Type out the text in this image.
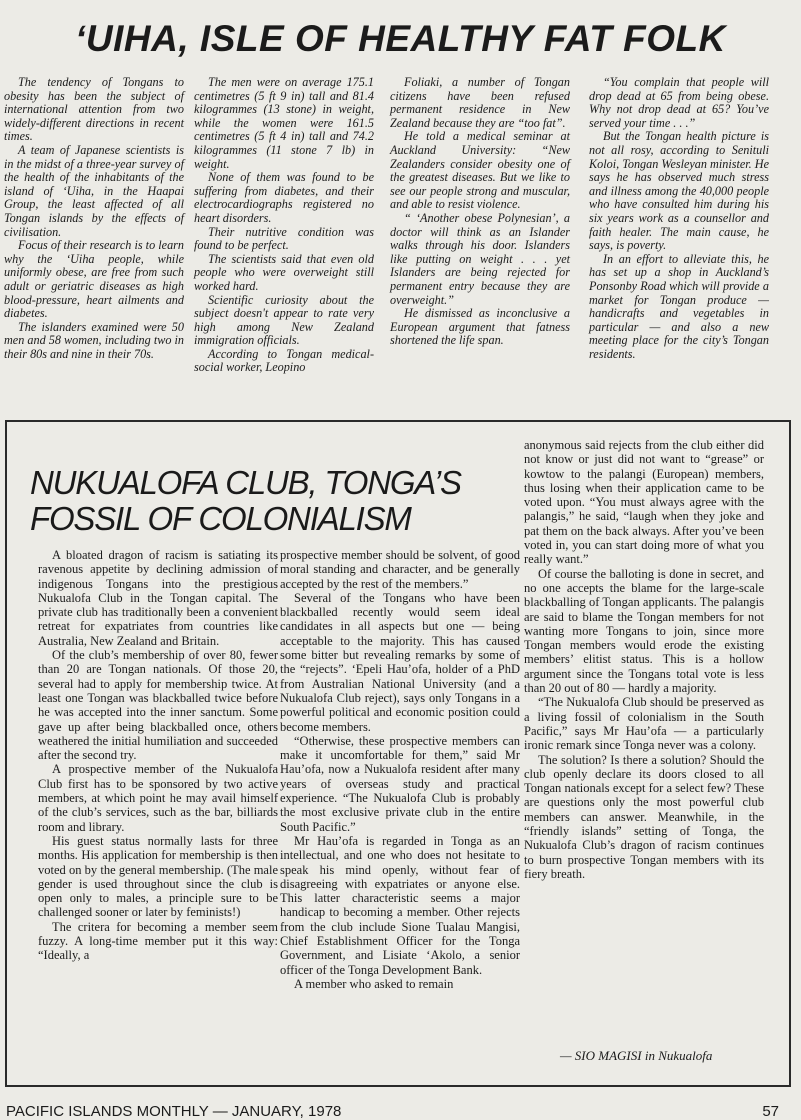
‘UIHA, ISLE OF HEALTHY FAT FOLK

The tendency of Tongans to obesity has been the subject of international attention from two widely-different directions in recent times.

A team of Japanese scientists is in the midst of a three-year survey of the health of the inhabitants of the island of ‘Uiha, in the Haapai Group, the least affected of all Tongan islands by the effects of civilisation.

Focus of their research is to learn why the ‘Uiha people, while uniformly obese, are free from such adult or geriatric diseases as high blood-pressure, heart ailments and diabetes.

The islanders examined were 50 men and 58 women, including two in their 80s and nine in their 70s.

The men were on average 175.1 centimetres (5 ft 9 in) tall and 81.4 kilogrammes (13 stone) in weight, while the women were 161.5 centimetres (5 ft 4 in) tall and 74.2 kilogrammes (11 stone 7 lb) in weight.

None of them was found to be suffering from diabetes, and their electrocardiographs registered no heart disorders.

Their nutritive condition was found to be perfect.

The scientists said that even old people who were overweight still worked hard.

Scientific curiosity about the subject doesn't appear to rate very high among New Zealand immigration officials.

According to Tongan medical-social worker, Leopino

Foliaki, a number of Tongan citizens have been refused permanent residence in New Zealand because they are “too fat”.

He told a medical seminar at Auckland University: “New Zealanders consider obesity one of the greatest diseases. But we like to see our people strong and muscular, and able to resist violence.

“ ‘Another obese Polynesian’, a doctor will think as an Islander walks through his door. Islanders like putting on weight . . . yet Islanders are being rejected for permanent entry because they are overweight.”

He dismissed as inconclusive a European argument that fatness shortened the life span.

“You complain that people will drop dead at 65 from being obese. Why not drop dead at 65? You’ve served your time . . .”

But the Tongan health picture is not all rosy, according to Senituli Koloi, Tongan Wesleyan minister. He says he has observed much stress and illness among the 40,000 people who have consulted him during his six years work as a counsellor and faith healer. The main cause, he says, is poverty.

In an effort to alleviate this, he has set up a shop in Auckland’s Ponsonby Road which will provide a market for Tongan produce — handicrafts and vegetables in particular — and also a new meeting place for the city’s Tongan residents.

NUKUALOFA CLUB, TONGA’S
FOSSIL OF COLONIALISM

A bloated dragon of racism is satiating its ravenous appetite by declining admission of indigenous Tongans into the prestigious Nukualofa Club in the Tongan capital. The private club has traditionally been a convenient retreat for expatriates from countries like Australia, New Zealand and Britain.

Of the club’s membership of over 80, fewer than 20 are Tongan nationals. Of those 20, several had to apply for membership twice. At least one Tongan was blackballed twice before he was accepted into the inner sanctum. Some gave up after being blackballed once, others weathered the initial humiliation and succeeded after the second try.

A prospective member of the Nukualofa Club first has to be sponsored by two active members, at which point he may avail himself of the club’s services, such as the bar, billiards room and library.

His guest status normally lasts for three months. His application for membership is then voted on by the general membership. (The male gender is used throughout since the club is open only to males, a principle sure to be challenged sooner or later by feminists!)

The critera for becoming a member seem fuzzy. A long-time member put it this way: “Ideally, a

prospective member should be solvent, of good moral standing and character, and be generally accepted by the rest of the members.”

Several of the Tongans who have been blackballed recently would seem ideal candidates in all aspects but one — being acceptable to the majority. This has caused some bitter but revealing remarks by some of the “rejects”. ‘Epeli Hau’ofa, holder of a PhD from Australian National University (and a Nukualofa Club reject), says only Tongans in a powerful political and economic position could become members.

“Otherwise, these prospective members can make it uncomfortable for them,” said Mr Hau’ofa, now a Nukualofa resident after many years of overseas study and practical experience. “The Nukualofa Club is probably the most exclusive private club in the entire South Pacific.”

Mr Hau’ofa is regarded in Tonga as an intellectual, and one who does not hesitate to speak his mind openly, without fear of disagreeing with expatriates or anyone else. This latter characteristic seems a major handicap to becoming a member. Other rejects from the club include Sione Tualau Mangisi, Chief Establishment Officer for the Tonga Government, and Lisiate ‘Akolo, a senior officer of the Tonga Development Bank.

A member who asked to remain

anonymous said rejects from the club either did not know or just did not want to “grease” or kowtow to the palangi (European) members, thus losing when their application came to be voted upon. “You must always agree with the palangis,” he said, “laugh when they joke and pat them on the back always. After you’ve been voted in, you can start doing more of what you really want.”

Of course the balloting is done in secret, and no one accepts the blame for the large-scale blackballing of Tongan applicants. The palangis are said to blame the Tongan members for not wanting more Tongans to join, since more Tongan members would erode the existing members’ elitist status. This is a hollow argument since the Tongans total vote is less than 20 out of 80 — hardly a majority.

“The Nukualofa Club should be preserved as a living fossil of colonialism in the South Pacific,” says Mr Hau’ofa — a particularly ironic remark since Tonga never was a colony.

The solution? Is there a solution? Should the club openly declare its doors closed to all Tongan nationals except for a select few? These are questions only the most powerful club members can answer. Meanwhile, in the “friendly islands” setting of Tonga, the Nukualofa Club’s dragon of racism continues to burn prospective Tongan members with its fiery breath.

— SIO MAGISI in Nukualofa
PACIFIC ISLANDS MONTHLY — JANUARY, 1978	57
